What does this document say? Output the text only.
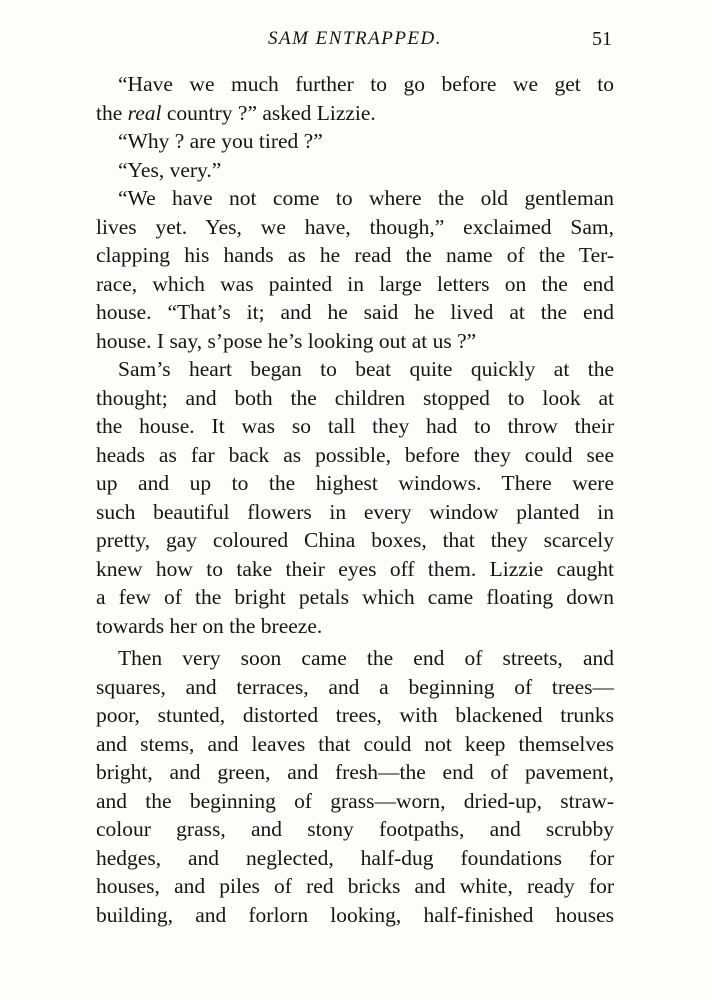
SAM ENTRAPPED.	51
“Have we much further to go before we get to
the real country ?” asked Lizzie.
“Why ? are you tired ?”
“Yes, very.”
“We have not come to where the old gentleman
lives yet. Yes, we have, though,” exclaimed Sam,
clapping his hands as he read the name of the Ter-
race, which was painted in large letters on the end
house. “That’s it; and he said he lived at the end
house. I say, s’pose he’s looking out at us ?”
Sam’s heart began to beat quite quickly at the
thought; and both the children stopped to look at
the house. It was so tall they had to throw their
heads as far back as possible, before they could see
up and up to the highest windows. There were
such beautiful flowers in every window planted in
pretty, gay coloured China boxes, that they scarcely
knew how to take their eyes off them. Lizzie caught
a few of the bright petals which came floating down
towards her on the breeze.
Then very soon came the end of streets, and
squares, and terraces, and a beginning of trees—
poor, stunted, distorted trees, with blackened trunks
and stems, and leaves that could not keep themselves
bright, and green, and fresh—the end of pavement,
and the beginning of grass—worn, dried-up, straw-
colour grass, and stony footpaths, and scrubby
hedges, and neglected, half-dug foundations for
houses, and piles of red bricks and white, ready for
building, and forlorn looking, half-finished houses
